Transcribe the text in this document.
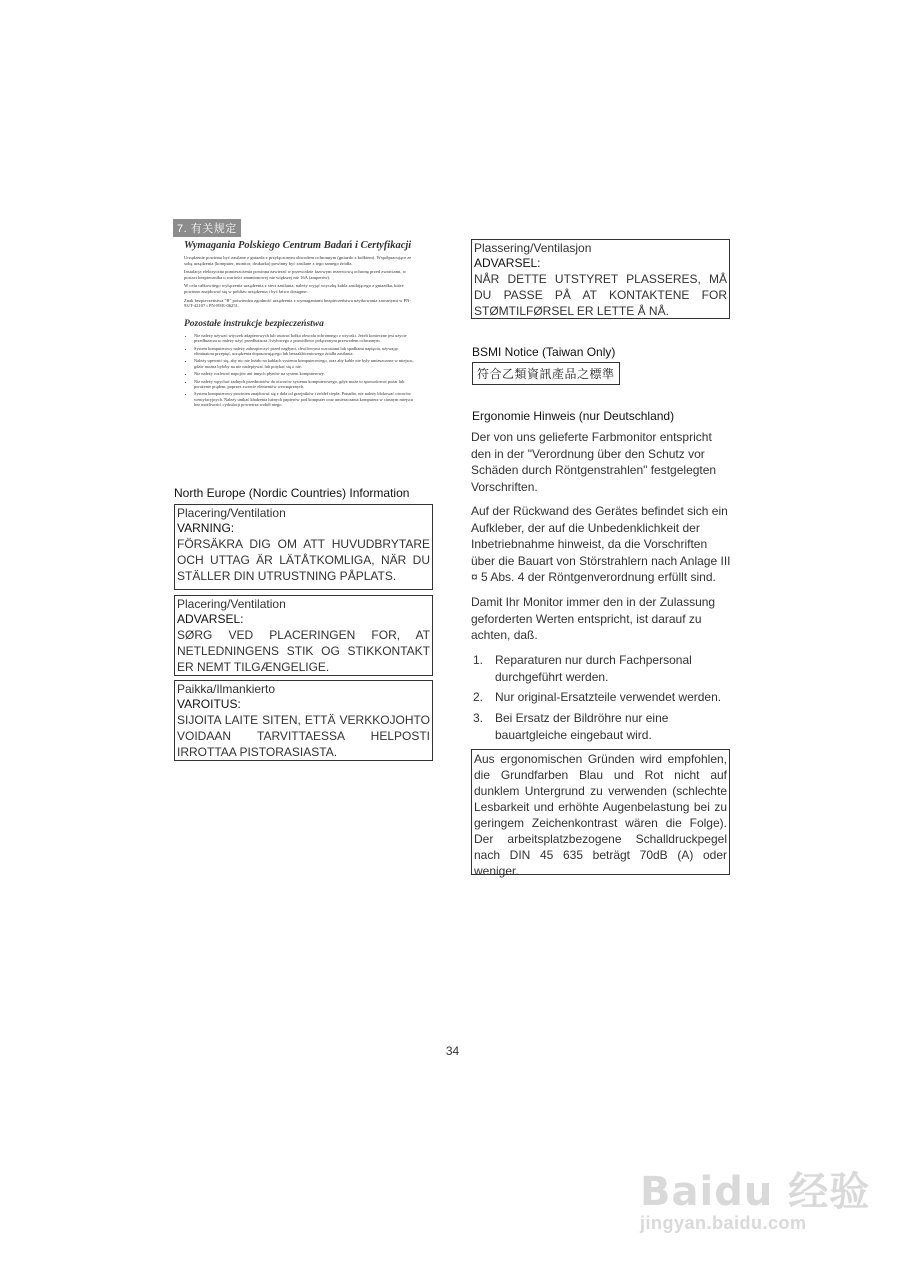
7. 有关规定
Wymagania Polskiego Centrum Badań i Certyfikacji

Urządzenie powinno być zasilane z gniazda z przyłączonym obwodem ochronnym (gniazdo z kołkiem). Współpracujące ze sobą urządzenia (komputer, monitor, drukarka) powinny być zasilane z tego samego źródła.

Instalacja elektryczna pomieszczenia powinna zawierać w przewodzie fazowym rezerwową ochronę przed zwarciami, w postaci bezpiecznika o wartości znamionowej nie większej niż 16A (amperów).

W celu całkowitego wyłączenia urządzenia z sieci zasilania, należy wyjąć wtyczkę kabla zasilającego z gniazdka, które powinno znajdować się w pobliżu urządzenia i być łatwo dostępne.

Znak bezpieczeństwa "B" potwierdza zgodność urządzenia z wymaganiami bezpieczeństwa użytkowania zawartymi w PN-93/T-42107 i PN-89/E-06251.

Pozostałe instrukcje bezpieczeństwa
• Nie należy używać wtyczek adapterowych lub usuwać kołka obwodu ochronnego z wtyczki. Jeżeli konieczne jest użycie przedłużacza to należy użyć przedłużacza 3-żyłowego z prawidłowo połączonym przewodem ochronnym.
• System komputerowy należy zabezpieczyć przed nagłymi, chwilowymi wzrostami lub spadkami napięcia, używając eliminatora przepięć, urządzenia dopasowującego lub bezzakłóceniowego źródła zasilania.
• Należy upewnić się, aby nic nie leżało na kablach systemu komputerowego, oraz aby kable nie były umieszczone w miejscu, gdzie można byłoby na nie nadeptywać lub potykać się o nie.
• Nie należy rozlewać napojów ani innych płynów na system komputerowy.
• Nie należy wpychać żadnych przedmiotów do otworów systemu komputerowego, gdyż może to spowodować pożar lub porażenie prądem, poprzez zwarcie elementów wewnętrznych.
• System komputerowy powinien znajdować się z dala od grzejników i źródeł ciepła. Ponadto, nie należy blokować otworów wentylacyjnych. Należy unikać kładzenia luźnych papierów pod komputer oraz umieszczania komputera w ciasnym miejscu bez możliwości cyrkulacji powietrza wokół niego.
North Europe (Nordic Countries) Information
Placering/Ventilation
VARNING:
FÖRSÄKRA DIG OM ATT HUVUDBRYTARE OCH UTTAG ÄR LÄTÅTKOMLIGA, NÄR DU STÄLLER DIN UTRUSTNING PÅPLATS.
Placering/Ventilation
ADVARSEL:
SØRG VED PLACERINGEN FOR, AT NETLEDNINGENS STIK OG STIKKONTAKT ER NEMT TILGÆNGELIGE.
Paikka/Ilmankierto
VAROITUS:
SIJOITA LAITE SITEN, ETTÄ VERKKOJOHTO VOIDAAN TARVITTAESSA HELPOSTI IRROTTAA PISTORASIASTA.
Plassering/Ventilasjon
ADVARSEL:
NÅR DETTE UTSTYRET PLASSERES, MÅ DU PASSE PÅ AT KONTAKTENE FOR STØMTILFØRSEL ER LETTE Å NÅ.
BSMI Notice (Taiwan Only)
符合乙類資訊產品之標準
Ergonomie Hinweis (nur Deutschland)
Der von uns gelieferte Farbmonitor entspricht den in der "Verordnung über den Schutz vor Schäden durch Röntgenstrahlen" festgelegten Vorschriften.
Auf der Rückwand des Gerätes befindet sich ein Aufkleber, der auf die Unbedenklichkeit der Inbetriebnahme hinweist, da die Vorschriften über die Bauart von Störstrahlern nach Anlage III ¤ 5 Abs. 4 der Röntgenverordnung erfüllt sind.
Damit Ihr Monitor immer den in der Zulassung geforderten Werten entspricht, ist darauf zu achten, daß.
1. Reparaturen nur durch Fachpersonal durchgeführt werden.
2. Nur original-Ersatzteile verwendet werden.
3. Bei Ersatz der Bildröhre nur eine bauartgleiche eingebaut wird.
Aus ergonomischen Gründen wird empfohlen, die Grundfarben Blau und Rot nicht auf dunklem Untergrund zu verwenden (schlechte Lesbarkeit und erhöhte Augenbelastung bei zu geringem Zeichenkontrast wären die Folge). Der arbeitsplatzbezogene Schalldruckpegel nach DIN 45 635 beträgt 70dB (A) oder weniger.
34
Baidu 经验
jingyan.baidu.com
